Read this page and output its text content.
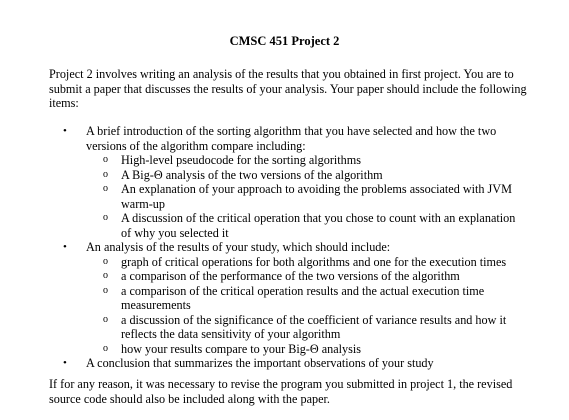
CMSC 451 Project 2

Project 2 involves writing an analysis of the results that you obtained in first project. You are to submit a paper that discusses the results of your analysis. Your paper should include the following items:

• A brief introduction of the sorting algorithm that you have selected and how the two versions of the algorithm compare including:
o High-level pseudocode for the sorting algorithms
o A Big-Θ analysis of the two versions of the algorithm
o An explanation of your approach to avoiding the problems associated with JVM warm-up
o A discussion of the critical operation that you chose to count with an explanation of why you selected it
• An analysis of the results of your study, which should include:
o graph of critical operations for both algorithms and one for the execution times
o a comparison of the performance of the two versions of the algorithm
o a comparison of the critical operation results and the actual execution time measurements
o a discussion of the significance of the coefficient of variance results and how it reflects the data sensitivity of your algorithm
o how your results compare to your Big-Θ analysis
• A conclusion that summarizes the important observations of your study

If for any reason, it was necessary to revise the program you submitted in project 1, the revised source code should also be included along with the paper.
